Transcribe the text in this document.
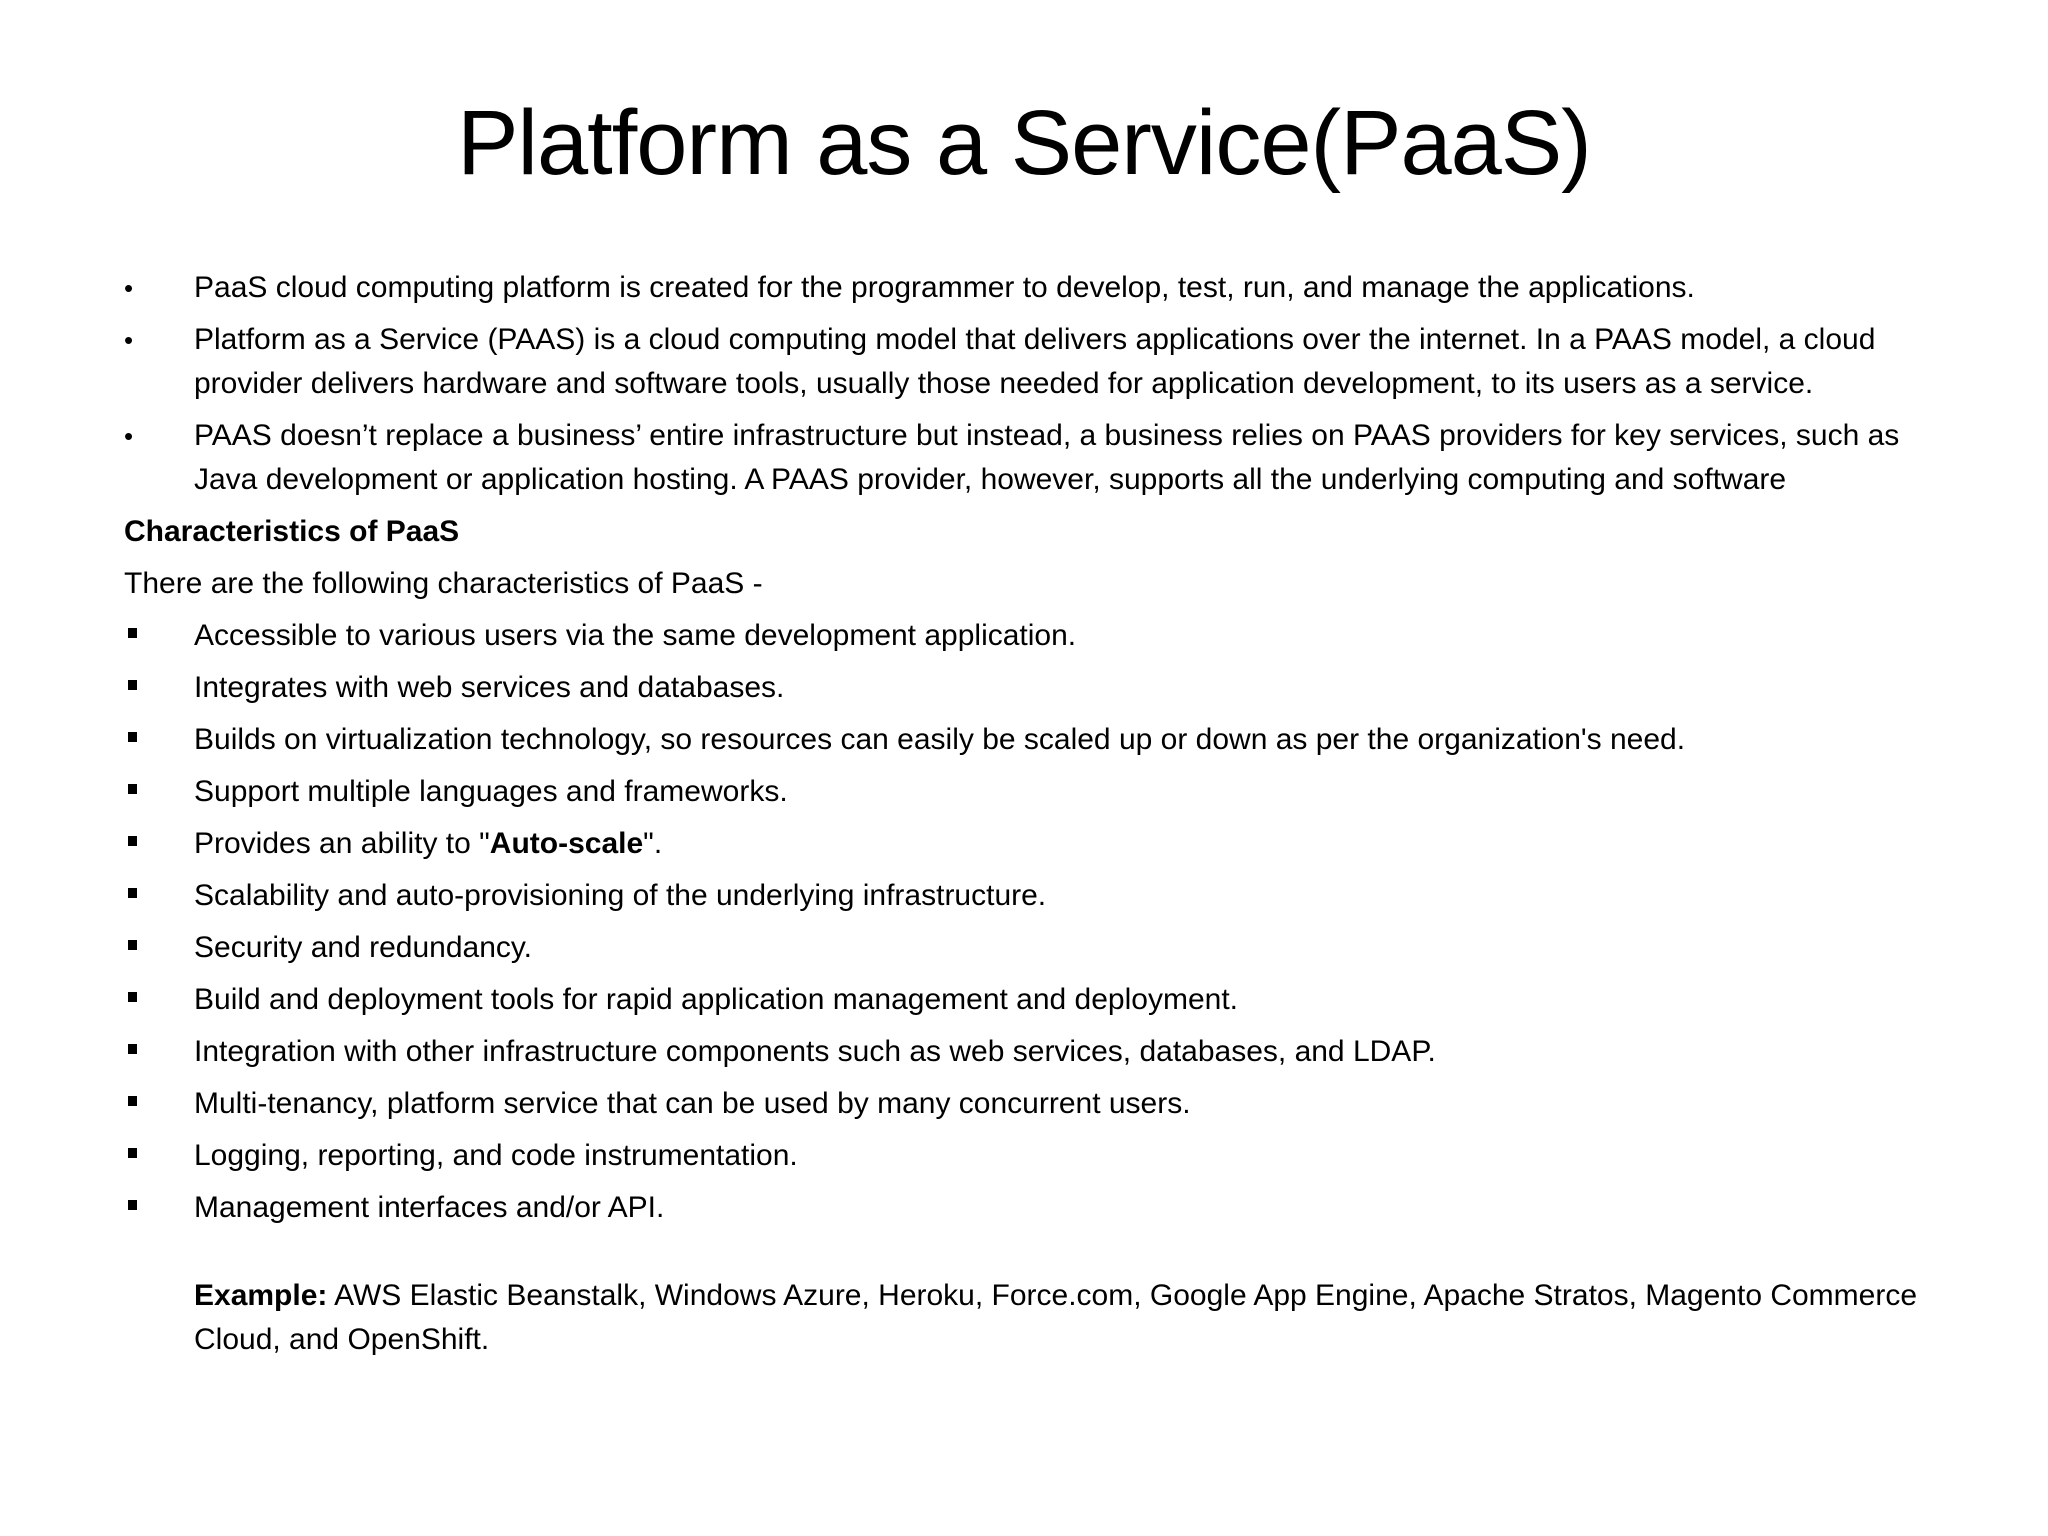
Platform as a Service(PaaS)
•	PaaS cloud computing platform is created for the programmer to develop, test, run, and manage the applications.
•	Platform as a Service (PAAS) is a cloud computing model that delivers applications over the internet. In a PAAS model, a cloud provider delivers hardware and software tools, usually those needed for application development, to its users as a service.
•	PAAS doesn’t replace a business’ entire infrastructure but instead, a business relies on PAAS providers for key services, such as Java development or application hosting. A PAAS provider, however, supports all the underlying computing and software
Characteristics of PaaS
There are the following characteristics of PaaS -
Accessible to various users via the same development application.
Integrates with web services and databases.
Builds on virtualization technology, so resources can easily be scaled up or down as per the organization's need.
Support multiple languages and frameworks.
Provides an ability to "Auto-scale".
Scalability and auto-provisioning of the underlying infrastructure.
Security and redundancy.
Build and deployment tools for rapid application management and deployment.
Integration with other infrastructure components such as web services, databases, and LDAP.
Multi-tenancy, platform service that can be used by many concurrent users.
Logging, reporting, and code instrumentation.
Management interfaces and/or API.
Example: AWS Elastic Beanstalk, Windows Azure, Heroku, Force.com, Google App Engine, Apache Stratos, Magento Commerce Cloud, and OpenShift.
